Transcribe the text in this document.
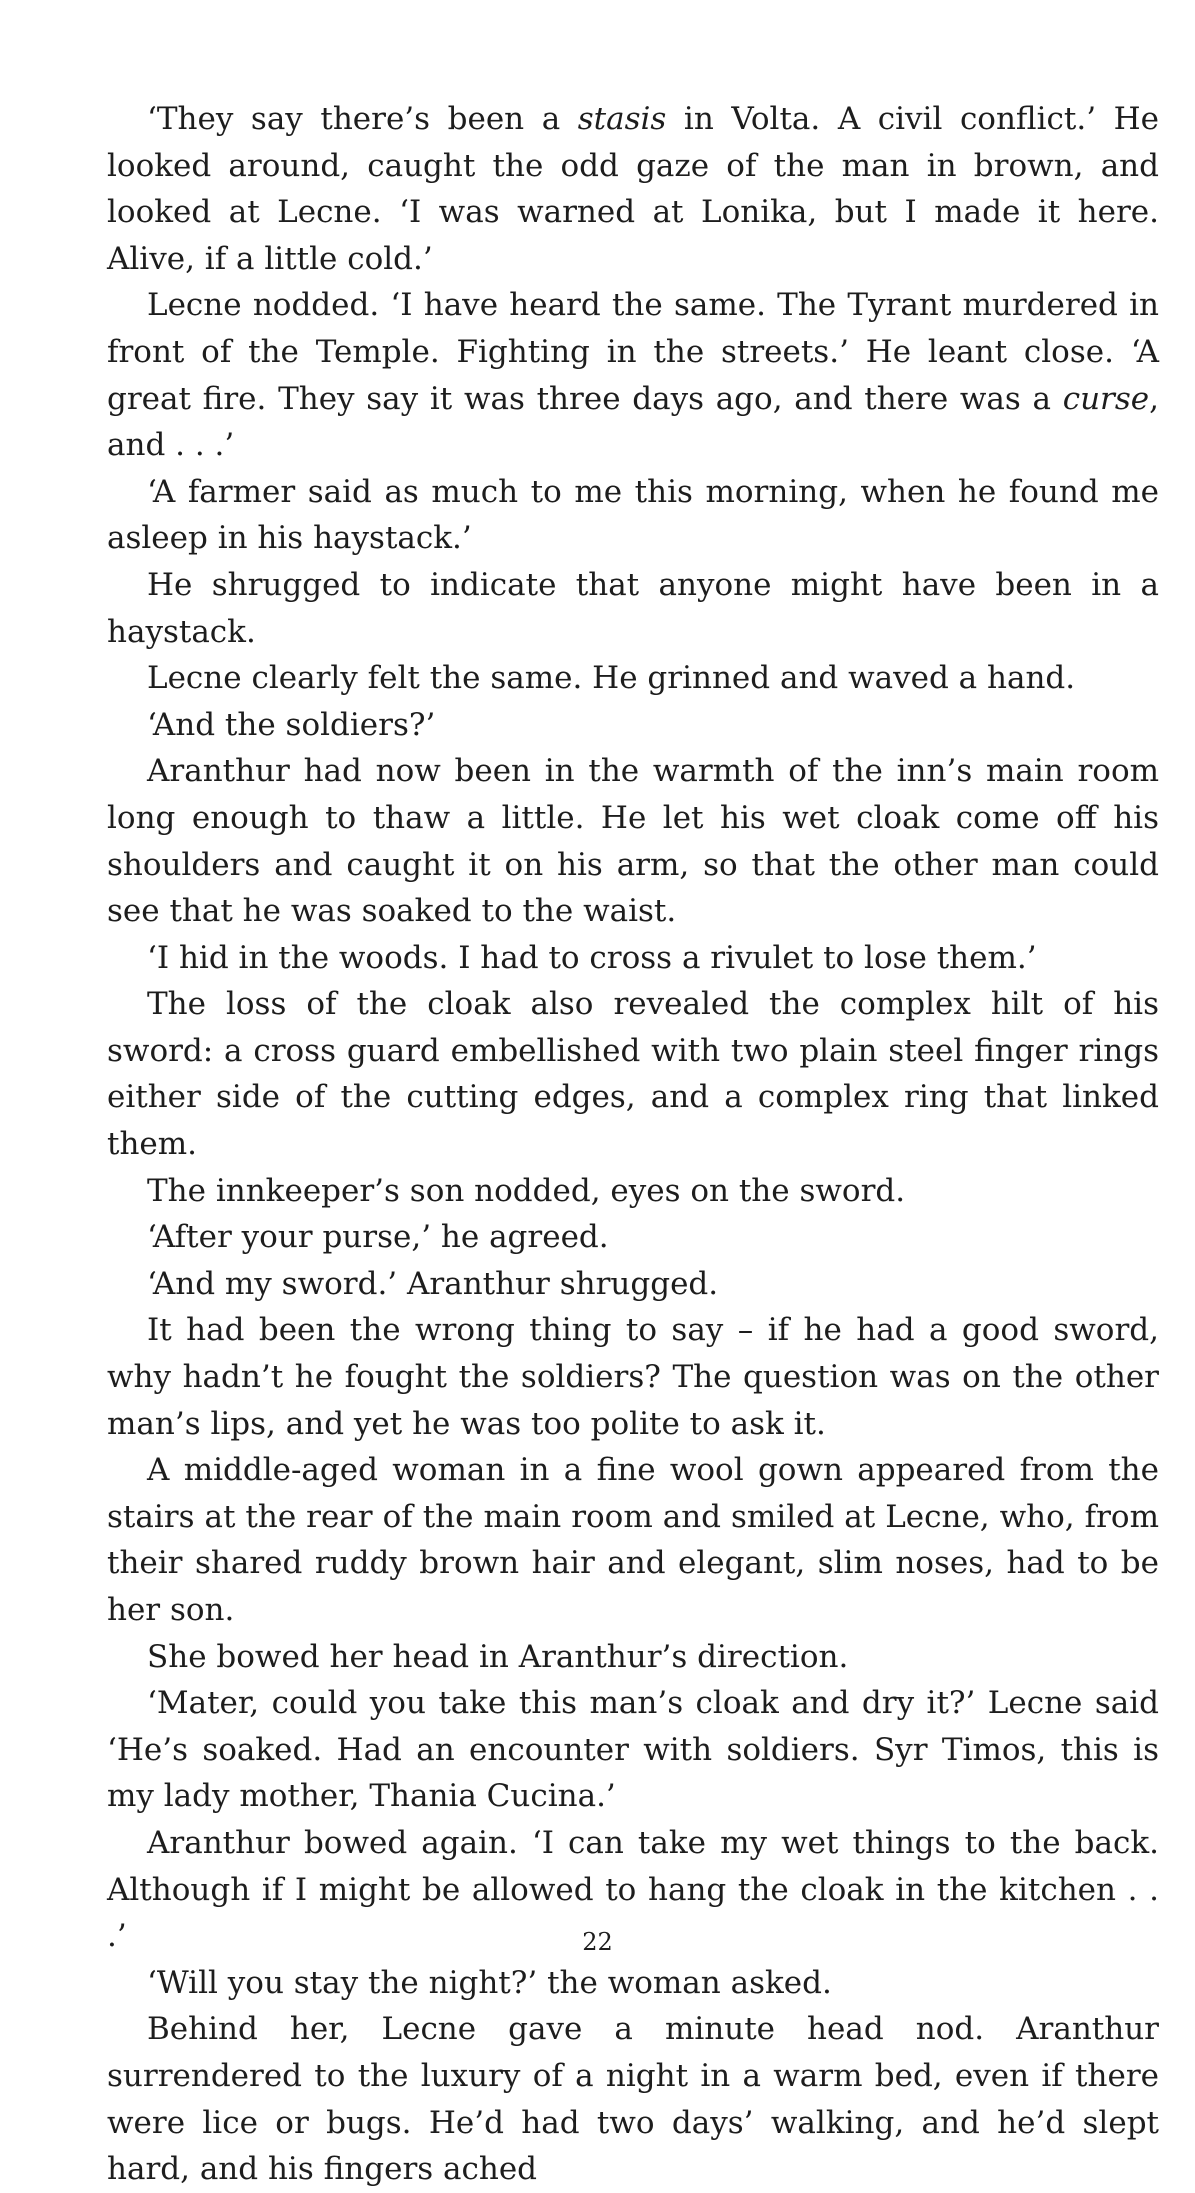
‘They say there’s been a stasis in Volta. A civil conflict.’ He looked around, caught the odd gaze of the man in brown, and looked at Lecne. ‘I was warned at Lonika, but I made it here. Alive, if a little cold.’

Lecne nodded. ‘I have heard the same. The Tyrant murdered in front of the Temple. Fighting in the streets.’ He leant close. ‘A great fire. They say it was three days ago, and there was a curse, and . . .’

‘A farmer said as much to me this morning, when he found me asleep in his haystack.’

He shrugged to indicate that anyone might have been in a haystack.

Lecne clearly felt the same. He grinned and waved a hand.

‘And the soldiers?’

Aranthur had now been in the warmth of the inn’s main room long enough to thaw a little. He let his wet cloak come off his shoulders and caught it on his arm, so that the other man could see that he was soaked to the waist.

‘I hid in the woods. I had to cross a rivulet to lose them.’

The loss of the cloak also revealed the complex hilt of his sword: a cross guard embellished with two plain steel finger rings either side of the cutting edges, and a complex ring that linked them.

The innkeeper’s son nodded, eyes on the sword.

‘After your purse,’ he agreed.

‘And my sword.’ Aranthur shrugged.

It had been the wrong thing to say – if he had a good sword, why hadn’t he fought the soldiers? The question was on the other man’s lips, and yet he was too polite to ask it.

A middle-aged woman in a fine wool gown appeared from the stairs at the rear of the main room and smiled at Lecne, who, from their shared ruddy brown hair and elegant, slim noses, had to be her son.

She bowed her head in Aranthur’s direction.

‘Mater, could you take this man’s cloak and dry it?’ Lecne said ‘He’s soaked. Had an encounter with soldiers. Syr Timos, this is my lady mother, Thania Cucina.’

Aranthur bowed again. ‘I can take my wet things to the back. Although if I might be allowed to hang the cloak in the kitchen . . .’

‘Will you stay the night?’ the woman asked.

Behind her, Lecne gave a minute head nod. Aranthur surrendered to the luxury of a night in a warm bed, even if there were lice or bugs. He’d had two days’ walking, and he’d slept hard, and his fingers ached

22
